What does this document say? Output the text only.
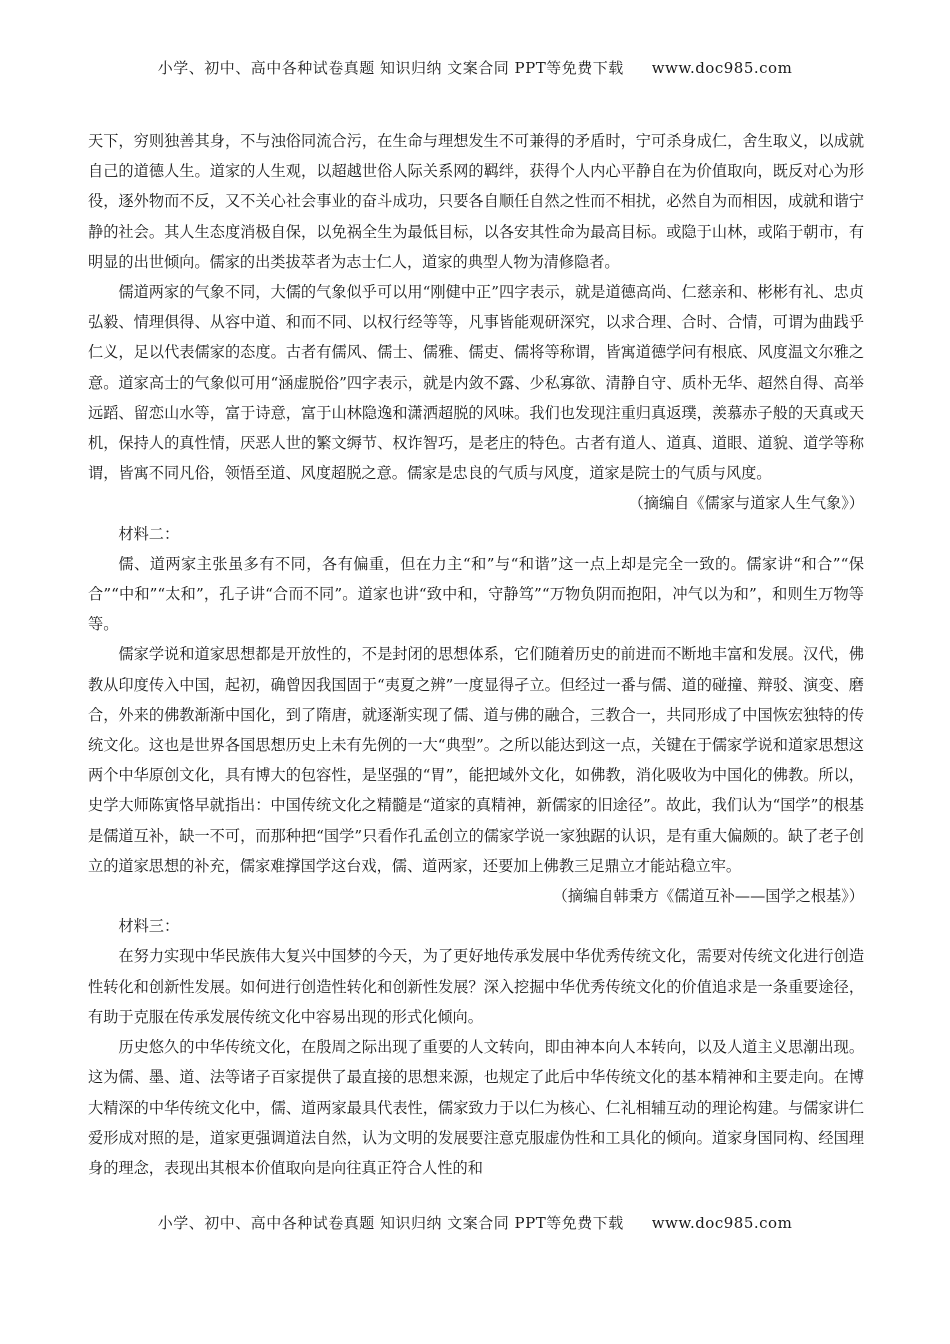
小学、初中、高中各种试卷真题 知识归纳 文案合同 PPT等免费下载 www.doc985.com

天下，穷则独善其身，不与浊俗同流合污，在生命与理想发生不可兼得的矛盾时，宁可杀身成仁，舍生取义，以成就自己的道德人生。道家的人生观，以超越世俗人际关系网的羁绊，获得个人内心平静自在为价值取向，既反对心为形役，逐外物而不反，又不关心社会事业的奋斗成功，只要各自顺任自然之性而不相扰，必然自为而相因，成就和谐宁静的社会。其人生态度消极自保，以免祸全生为最低目标，以各安其性命为最高目标。或隐于山林，或陷于朝市，有明显的出世倾向。儒家的出类拔萃者为志士仁人，道家的典型人物为清修隐者。

儒道两家的气象不同，大儒的气象似乎可以用“刚健中正”四字表示，就是道德高尚、仁慈亲和、彬彬有礼、忠贞弘毅、情理俱得、从容中道、和而不同、以权行经等等，凡事皆能观研深究，以求合理、合时、合情，可谓为曲践乎仁义，足以代表儒家的态度。古者有儒风、儒士、儒雅、儒吏、儒将等称谓，皆寓道德学问有根底、风度温文尔雅之意。道家高士的气象似可用“涵虚脱俗”四字表示，就是内敛不露、少私寡欲、清静自守、质朴无华、超然自得、高举远蹈、留恋山水等，富于诗意，富于山林隐逸和潇洒超脱的风味。我们也发现注重归真返璞，羡慕赤子般的天真或天机，保持人的真性情，厌恶人世的繁文缛节、权诈智巧，是老庄的特色。古者有道人、道真、道眼、道貌、道学等称谓，皆寓不同凡俗，领悟至道、风度超脱之意。儒家是忠良的气质与风度，道家是院士的气质与风度。

（摘编自《儒家与道家人生气象》）

材料二：

儒、道两家主张虽多有不同，各有偏重，但在力主“和”与“和谐”这一点上却是完全一致的。儒家讲“和合”“保合”“中和”“太和”，孔子讲“合而不同”。道家也讲“致中和，守静笃”“万物负阴而抱阳，冲气以为和”，和则生万物等等。

儒家学说和道家思想都是开放性的，不是封闭的思想体系，它们随着历史的前进而不断地丰富和发展。汉代，佛教从印度传入中国，起初，确曾因我国固于“夷夏之辨”一度显得孑立。但经过一番与儒、道的碰撞、辩驳、演变、磨合，外来的佛教渐渐中国化，到了隋唐，就逐渐实现了儒、道与佛的融合，三教合一，共同形成了中国恢宏独特的传统文化。这也是世界各国思想历史上未有先例的一大“典型”。之所以能达到这一点，关键在于儒家学说和道家思想这两个中华原创文化，具有博大的包容性，是坚强的“胃”，能把域外文化，如佛教，消化吸收为中国化的佛教。所以，史学大师陈寅恪早就指出：中国传统文化之精髓是“道家的真精神，新儒家的旧途径”。故此，我们认为“国学”的根基是儒道互补，缺一不可，而那种把“国学”只看作孔孟创立的儒家学说一家独踞的认识，是有重大偏颇的。缺了老子创立的道家思想的补充，儒家难撑国学这台戏，儒、道两家，还要加上佛教三足鼎立才能站稳立牢。

（摘编自韩秉方《儒道互补——国学之根基》）

材料三：

在努力实现中华民族伟大复兴中国梦的今天，为了更好地传承发展中华优秀传统文化，需要对传统文化进行创造性转化和创新性发展。如何进行创造性转化和创新性发展？深入挖掘中华优秀传统文化的价值追求是一条重要途径，有助于克服在传承发展传统文化中容易出现的形式化倾向。

历史悠久的中华传统文化，在殷周之际出现了重要的人文转向，即由神本向人本转向，以及人道主义思潮出现。这为儒、墨、道、法等诸子百家提供了最直接的思想来源，也规定了此后中华传统文化的基本精神和主要走向。在博大精深的中华传统文化中，儒、道两家最具代表性，儒家致力于以仁为核心、仁礼相辅互动的理论构建。与儒家讲仁爱形成对照的是，道家更强调道法自然，认为文明的发展要注意克服虚伪性和工具化的倾向。道家身国同构、经国理身的理念，表现出其根本价值取向是向往真正符合人性的和

小学、初中、高中各种试卷真题 知识归纳 文案合同 PPT等免费下载 www.doc985.com
